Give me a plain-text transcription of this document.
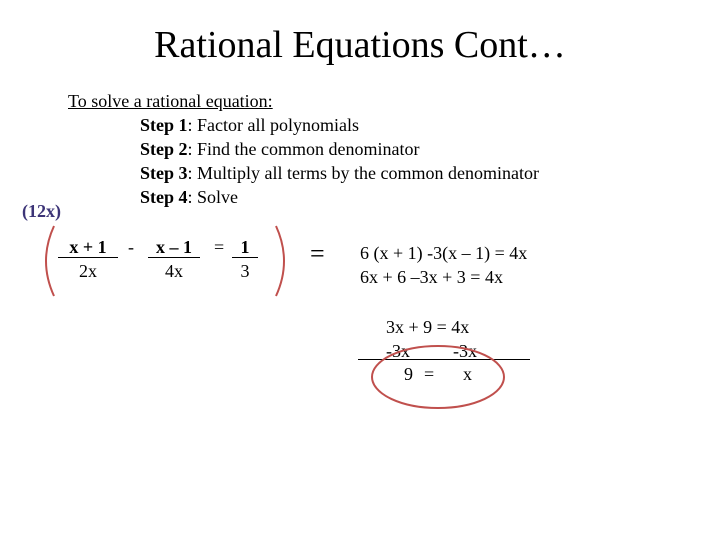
Rational Equations Cont…
To solve a rational equation:
Step 1: Factor all polynomials
Step 2: Find the common denominator
Step 3: Multiply all terms by the common denominator
Step 4: Solve
(12x)
x + 1
2x
-	x – 1
4x
= 1
3
= 6 (x + 1) -3(x – 1) = 4x
6x + 6 –3x + 3 = 4x
3x + 9 = 4x
-3x -3x
9 = x
